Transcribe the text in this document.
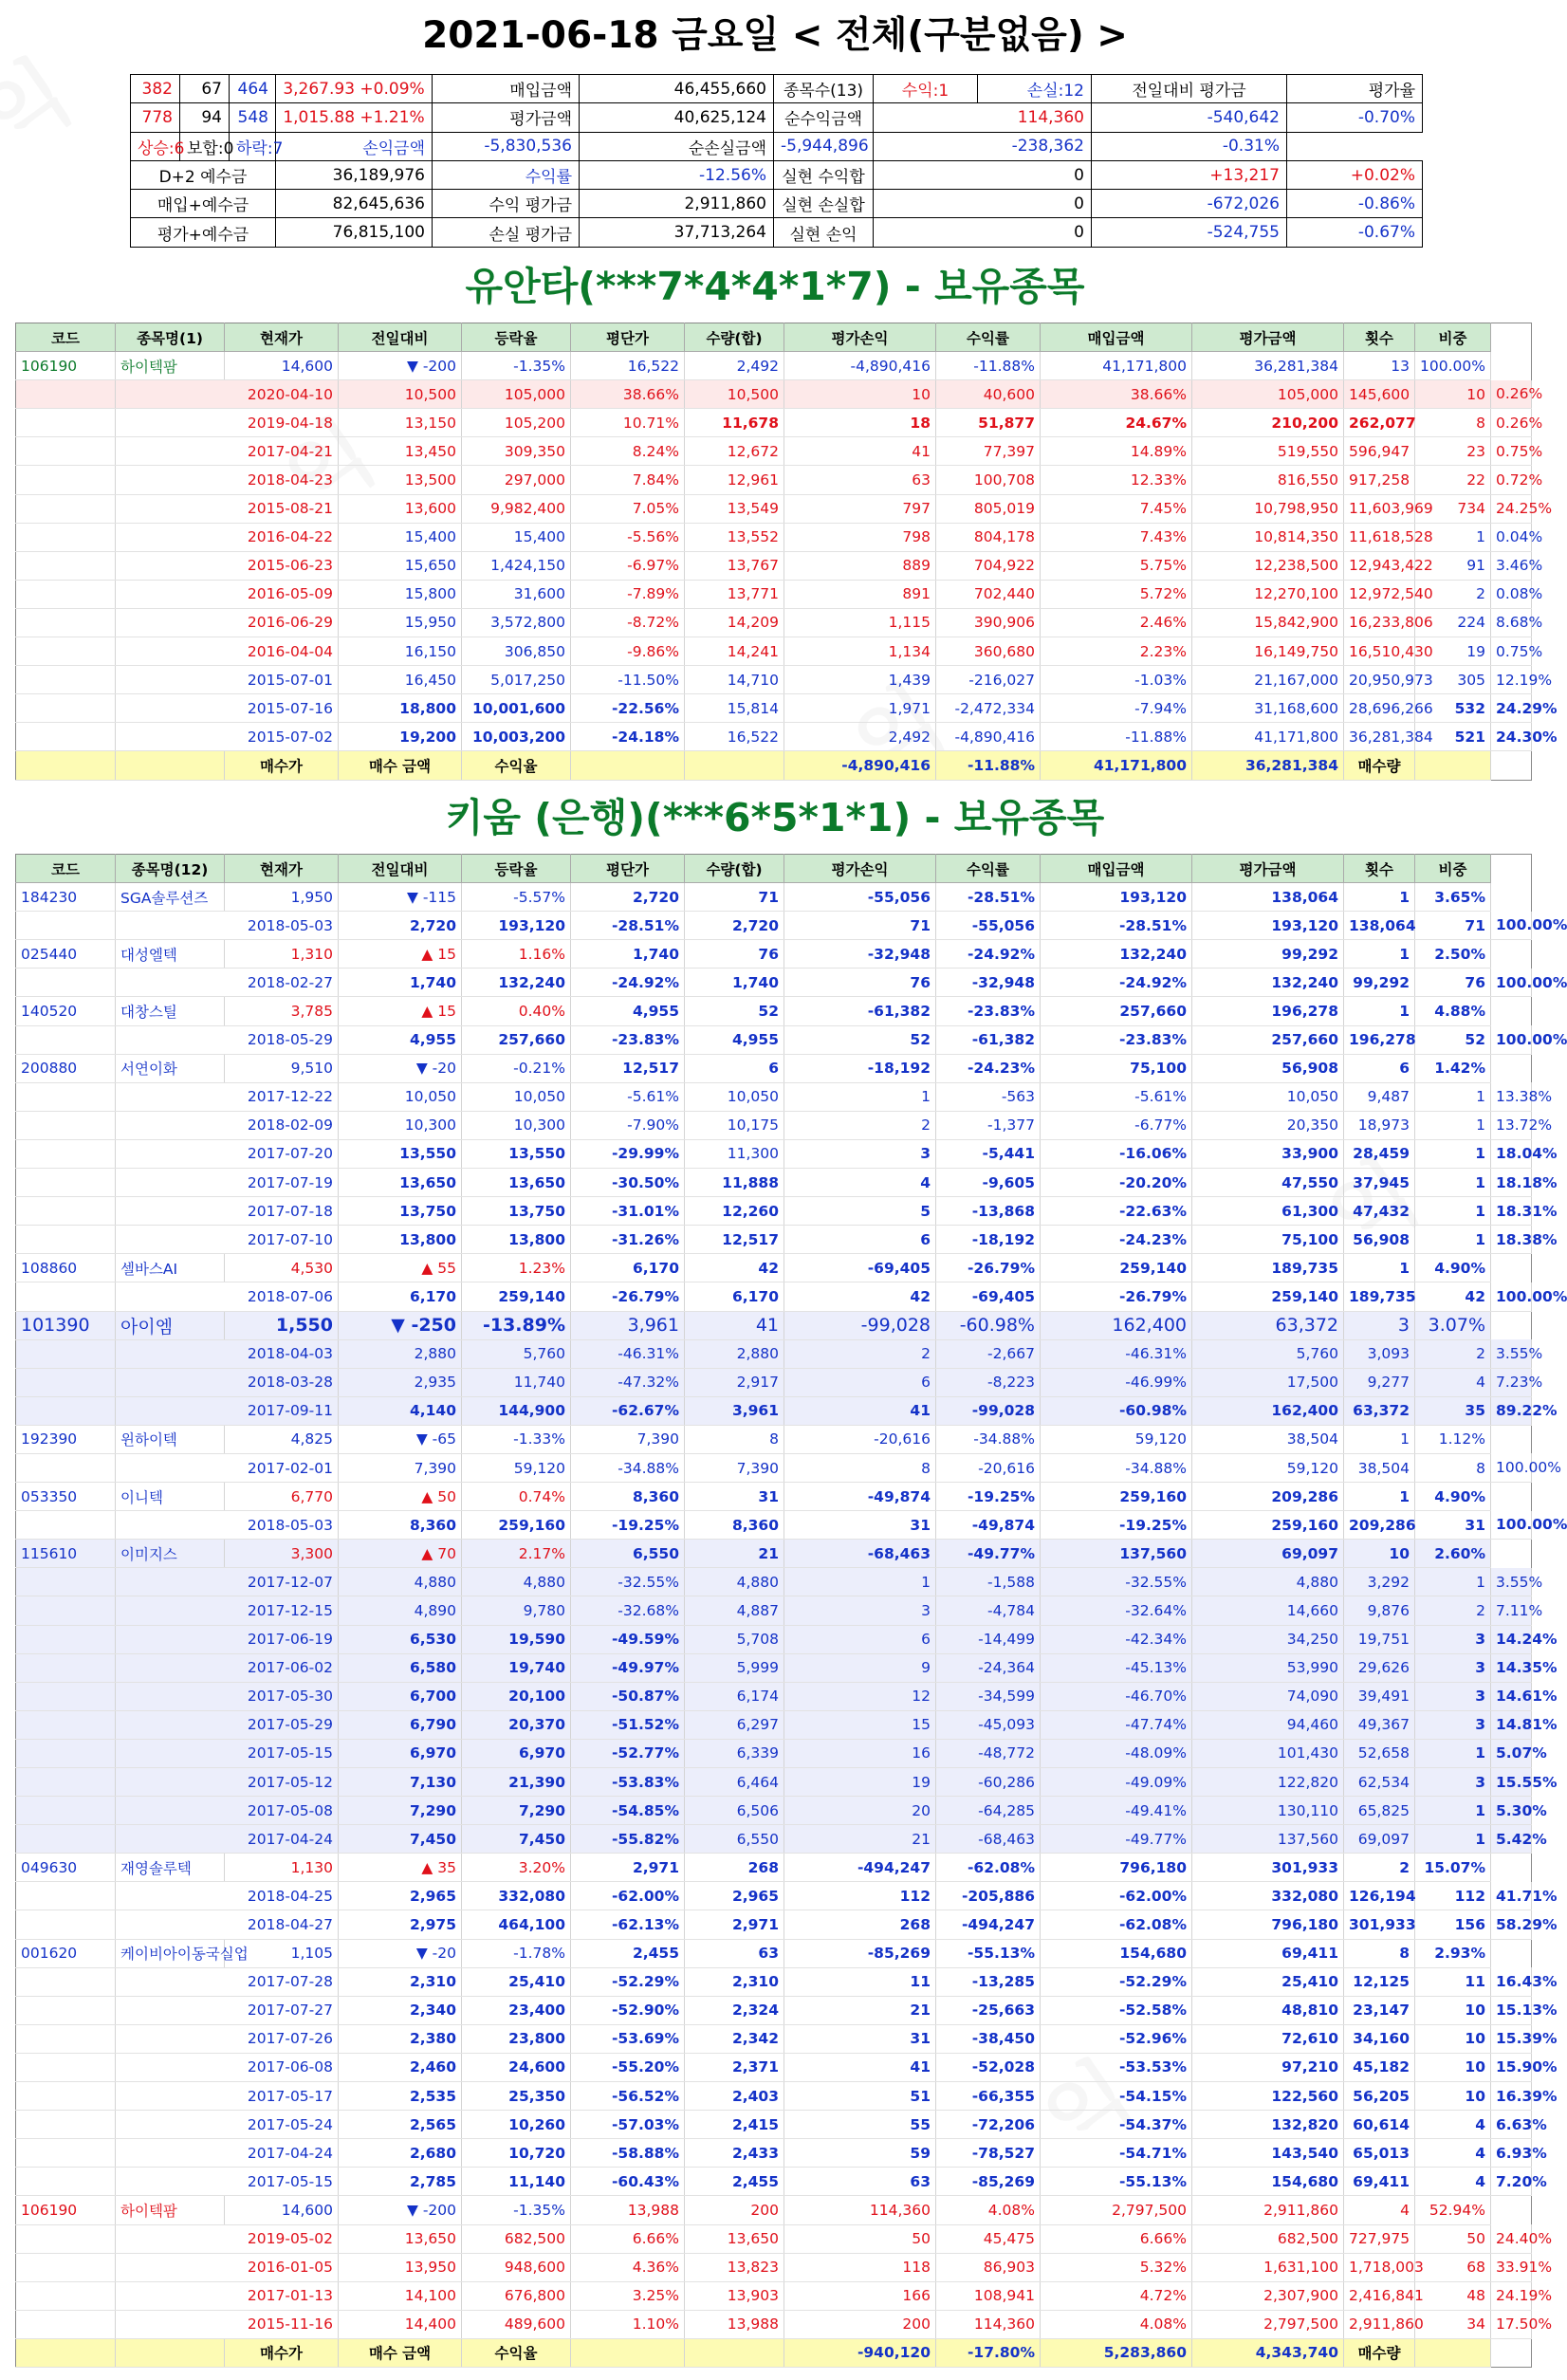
2021-06-18 금요일 < 전체(구분없음) >
382	67	464	3,267.93 +0.09%	매입금액	46,455,660	종목수(13)	수익:1	손실:12	전일대비 평가금	평가율
778	94	548	1,015.88 +1.21%	평가금액	40,625,124	순수익금액	114,360		-540,642	-0.70%
상승:6	보합:0	하락:7	손익금액	-5,830,536	순손실금액	-5,944,896	-238,362		-0.31%	
D+2 예수금			36,189,976	수익률	-12.56%	실현 수익합	0		+13,217	+0.02%
매입+예수금			82,645,636	수익 평가금	2,911,860	실현 손실합	0		-672,026	-0.86%
평가+예수금			76,815,100	손실 평가금	37,713,264	실현 손익	0		-524,755	-0.67%
유안타(***7*4*4*1*7) - 보유종목
코드	종목명(1)	현재가	전일대비	등락율	평단가	수량(합)	평가손익	수익률	매입금액	평가금액	횟수	비중	
106190	하이텍팜	14,600	▼ -200	-1.35%	16,522	2,492	-4,890,416	-11.88%	41,171,800	36,281,384	13	100.00%	
	2020-04-10		10,500	105,000	38.66%	10,500	10	40,600	38.66%	105,000	145,600	10	0.26%
	2019-04-18		13,150	105,200	10.71%	11,678	18	51,877	24.67%	210,200	262,077	8	0.26%
	2017-04-21		13,450	309,350	8.24%	12,672	41	77,397	14.89%	519,550	596,947	23	0.75%
	2018-04-23		13,500	297,000	7.84%	12,961	63	100,708	12.33%	816,550	917,258	22	0.72%
	2015-08-21		13,600	9,982,400	7.05%	13,549	797	805,019	7.45%	10,798,950	11,603,969	734	24.25%
	2016-04-22		15,400	15,400	-5.56%	13,552	798	804,178	7.43%	10,814,350	11,618,528	1	0.04%
	2015-06-23		15,650	1,424,150	-6.97%	13,767	889	704,922	5.75%	12,238,500	12,943,422	91	3.46%
	2016-05-09		15,800	31,600	-7.89%	13,771	891	702,440	5.72%	12,270,100	12,972,540	2	0.08%
	2016-06-29		15,950	3,572,800	-8.72%	14,209	1,115	390,906	2.46%	15,842,900	16,233,806	224	8.68%
	2016-04-04		16,150	306,850	-9.86%	14,241	1,134	360,680	2.23%	16,149,750	16,510,430	19	0.75%
	2015-07-01		16,450	5,017,250	-11.50%	14,710	1,439	-216,027	-1.03%	21,167,000	20,950,973	305	12.19%
	2015-07-16		18,800	10,001,600	-22.56%	15,814	1,971	-2,472,334	-7.94%	31,168,600	28,696,266	532	24.29%
	2015-07-02		19,200	10,003,200	-24.18%	16,522	2,492	-4,890,416	-11.88%	41,171,800	36,281,384	521	24.30%
		매수가	매수 금액	수익율			-4,890,416	-11.88%	41,171,800	36,281,384	매수량		
키움 (은행)(***6*5*1*1) - 보유종목
코드	종목명(12)	현재가	전일대비	등락율	평단가	수량(합)	평가손익	수익률	매입금액	평가금액	횟수	비중	
184230	SGA솔루션즈	1,950	▼ -115	-5.57%	2,720	71	-55,056	-28.51%	193,120	138,064	1	3.65%	
	2018-05-03		2,720	193,120	-28.51%	2,720	71	-55,056	-28.51%	193,120	138,064	71	100.00%
025440	대성엘텍	1,310	▲ 15	1.16%	1,740	76	-32,948	-24.92%	132,240	99,292	1	2.50%	
	2018-02-27		1,740	132,240	-24.92%	1,740	76	-32,948	-24.92%	132,240	99,292	76	100.00%
140520	대창스틸	3,785	▲ 15	0.40%	4,955	52	-61,382	-23.83%	257,660	196,278	1	4.88%	
	2018-05-29		4,955	257,660	-23.83%	4,955	52	-61,382	-23.83%	257,660	196,278	52	100.00%
200880	서연이화	9,510	▼ -20	-0.21%	12,517	6	-18,192	-24.23%	75,100	56,908	6	1.42%	
	2017-12-22		10,050	10,050	-5.61%	10,050	1	-563	-5.61%	10,050	9,487	1	13.38%
	2018-02-09		10,300	10,300	-7.90%	10,175	2	-1,377	-6.77%	20,350	18,973	1	13.72%
	2017-07-20		13,550	13,550	-29.99%	11,300	3	-5,441	-16.06%	33,900	28,459	1	18.04%
	2017-07-19		13,650	13,650	-30.50%	11,888	4	-9,605	-20.20%	47,550	37,945	1	18.18%
	2017-07-18		13,750	13,750	-31.01%	12,260	5	-13,868	-22.63%	61,300	47,432	1	18.31%
	2017-07-10		13,800	13,800	-31.26%	12,517	6	-18,192	-24.23%	75,100	56,908	1	18.38%
108860	셀바스AI	4,530	▲ 55	1.23%	6,170	42	-69,405	-26.79%	259,140	189,735	1	4.90%	
	2018-07-06		6,170	259,140	-26.79%	6,170	42	-69,405	-26.79%	259,140	189,735	42	100.00%
101390	아이엠	1,550	▼ -250	-13.89%	3,961	41	-99,028	-60.98%	162,400	63,372	3	3.07%	
	2018-04-03		2,880	5,760	-46.31%	2,880	2	-2,667	-46.31%	5,760	3,093	2	3.55%
	2018-03-28		2,935	11,740	-47.32%	2,917	6	-8,223	-46.99%	17,500	9,277	4	7.23%
	2017-09-11		4,140	144,900	-62.67%	3,961	41	-99,028	-60.98%	162,400	63,372	35	89.22%
192390	윈하이텍	4,825	▼ -65	-1.33%	7,390	8	-20,616	-34.88%	59,120	38,504	1	1.12%	
	2017-02-01		7,390	59,120	-34.88%	7,390	8	-20,616	-34.88%	59,120	38,504	8	100.00%
053350	이니텍	6,770	▲ 50	0.74%	8,360	31	-49,874	-19.25%	259,160	209,286	1	4.90%	
	2018-05-03		8,360	259,160	-19.25%	8,360	31	-49,874	-19.25%	259,160	209,286	31	100.00%
115610	이미지스	3,300	▲ 70	2.17%	6,550	21	-68,463	-49.77%	137,560	69,097	10	2.60%	
	2017-12-07		4,880	4,880	-32.55%	4,880	1	-1,588	-32.55%	4,880	3,292	1	3.55%
	2017-12-15		4,890	9,780	-32.68%	4,887	3	-4,784	-32.64%	14,660	9,876	2	7.11%
	2017-06-19		6,530	19,590	-49.59%	5,708	6	-14,499	-42.34%	34,250	19,751	3	14.24%
	2017-06-02		6,580	19,740	-49.97%	5,999	9	-24,364	-45.13%	53,990	29,626	3	14.35%
	2017-05-30		6,700	20,100	-50.87%	6,174	12	-34,599	-46.70%	74,090	39,491	3	14.61%
	2017-05-29		6,790	20,370	-51.52%	6,297	15	-45,093	-47.74%	94,460	49,367	3	14.81%
	2017-05-15		6,970	6,970	-52.77%	6,339	16	-48,772	-48.09%	101,430	52,658	1	5.07%
	2017-05-12		7,130	21,390	-53.83%	6,464	19	-60,286	-49.09%	122,820	62,534	3	15.55%
	2017-05-08		7,290	7,290	-54.85%	6,506	20	-64,285	-49.41%	130,110	65,825	1	5.30%
	2017-04-24		7,450	7,450	-55.82%	6,550	21	-68,463	-49.77%	137,560	69,097	1	5.42%
049630	재영솔루텍	1,130	▲ 35	3.20%	2,971	268	-494,247	-62.08%	796,180	301,933	2	15.07%	
	2018-04-25		2,965	332,080	-62.00%	2,965	112	-205,886	-62.00%	332,080	126,194	112	41.71%
	2018-04-27		2,975	464,100	-62.13%	2,971	268	-494,247	-62.08%	796,180	301,933	156	58.29%
001620	케이비아이동국실업	1,105	▼ -20	-1.78%	2,455	63	-85,269	-55.13%	154,680	69,411	8	2.93%	
	2017-07-28		2,310	25,410	-52.29%	2,310	11	-13,285	-52.29%	25,410	12,125	11	16.43%
	2017-07-27		2,340	23,400	-52.90%	2,324	21	-25,663	-52.58%	48,810	23,147	10	15.13%
	2017-07-26		2,380	23,800	-53.69%	2,342	31	-38,450	-52.96%	72,610	34,160	10	15.39%
	2017-06-08		2,460	24,600	-55.20%	2,371	41	-52,028	-53.53%	97,210	45,182	10	15.90%
	2017-05-17		2,535	25,350	-56.52%	2,403	51	-66,355	-54.15%	122,560	56,205	10	16.39%
	2017-05-24		2,565	10,260	-57.03%	2,415	55	-72,206	-54.37%	132,820	60,614	4	6.63%
	2017-04-24		2,680	10,720	-58.88%	2,433	59	-78,527	-54.71%	143,540	65,013	4	6.93%
	2017-05-15		2,785	11,140	-60.43%	2,455	63	-85,269	-55.13%	154,680	69,411	4	7.20%
106190	하이텍팜	14,600	▼ -200	-1.35%	13,988	200	114,360	4.08%	2,797,500	2,911,860	4	52.94%	
	2019-05-02		13,650	682,500	6.66%	13,650	50	45,475	6.66%	682,500	727,975	50	24.40%
	2016-01-05		13,950	948,600	4.36%	13,823	118	86,903	5.32%	1,631,100	1,718,003	68	33.91%
	2017-01-13		14,100	676,800	3.25%	13,903	166	108,941	4.72%	2,307,900	2,416,841	48	24.19%
	2015-11-16		14,400	489,600	1.10%	13,988	200	114,360	4.08%	2,797,500	2,911,860	34	17.50%
		매수가	매수 금액	수익율			-940,120	-17.80%	5,283,860	4,343,740	매수량		
